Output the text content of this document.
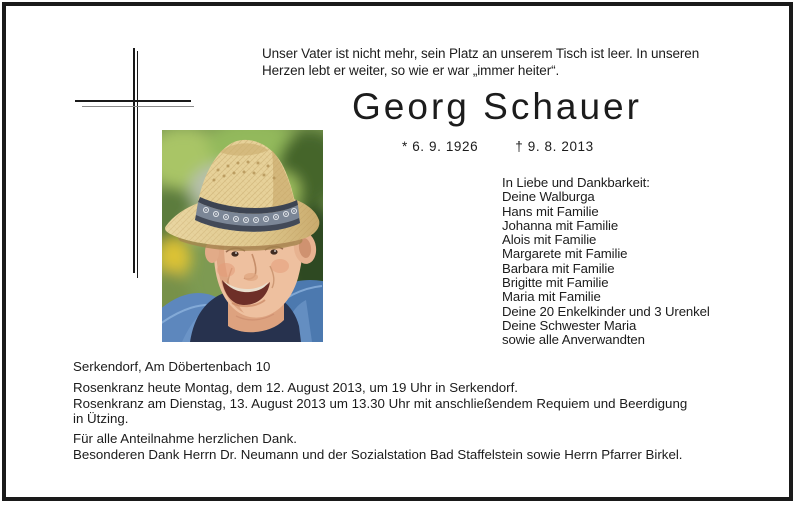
Unser Vater ist nicht mehr, sein Platz an unserem Tisch ist leer. In unseren
Herzen lebt er weiter, so wie er war „immer heiter“.
Georg Schauer
* 6. 9. 1926	† 9. 8. 2013
In Liebe und Dankbarkeit:
Deine Walburga
Hans mit Familie
Johanna mit Familie
Alois mit Familie
Margarete mit Familie
Barbara mit Familie
Brigitte mit Familie
Maria mit Familie
Deine 20 Enkelkinder und 3 Urenkel
Deine Schwester Maria
sowie alle Anverwandten
Serkendorf, Am Döbertenbach 10
Rosenkranz heute Montag, dem 12. August 2013, um 19 Uhr in Serkendorf.
Rosenkranz am Dienstag, 13. August 2013 um 13.30 Uhr mit anschließendem Requiem und Beerdigung
in Ützing.
Für alle Anteilnahme herzlichen Dank.
Besonderen Dank Herrn Dr. Neumann und der Sozialstation Bad Staffelstein sowie Herrn Pfarrer Birkel.
